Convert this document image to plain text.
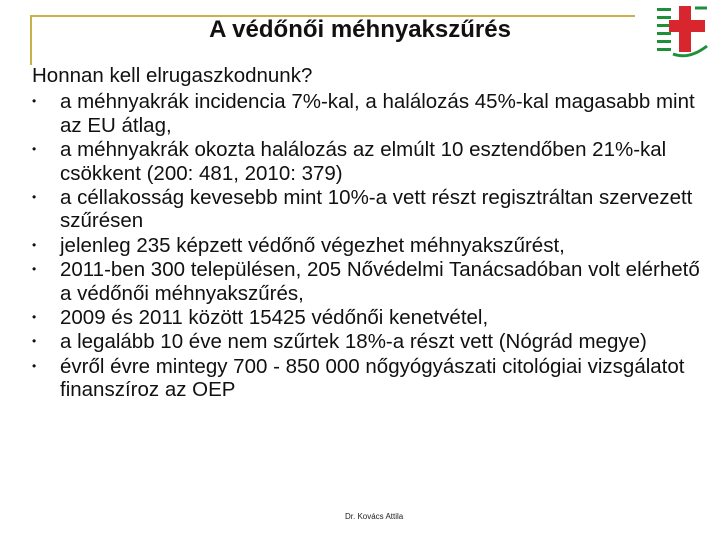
A védőnői méhnyakszűrés
Honnan kell elrugaszkodnunk?
• a méhnyakrák incidencia 7%-kal, a halálozás 45%-kal magasabb mint az EU átlag,
• a méhnyakrák okozta halálozás az elmúlt 10 esztendőben 21%-kal csökkent (200: 481, 2010: 379)
• a céllakosság kevesebb mint 10%-a vett részt regisztráltan szervezett szűrésen
• jelenleg 235 képzett védőnő végezhet méhnyakszűrést,
• 2011-ben 300 településen, 205 Nővédelmi Tanácsadóban volt elérhető a védőnői méhnyakszűrés,
• 2009 és 2011 között 15425 védőnői kenetvétel,
• a legalább 10 éve nem szűrtek 18%-a részt vett (Nógrád megye)
• évről évre mintegy 700 - 850 000 nőgyógyászati citológiai vizsgálatot finanszíroz az OEP
Dr. Kovács Attila
